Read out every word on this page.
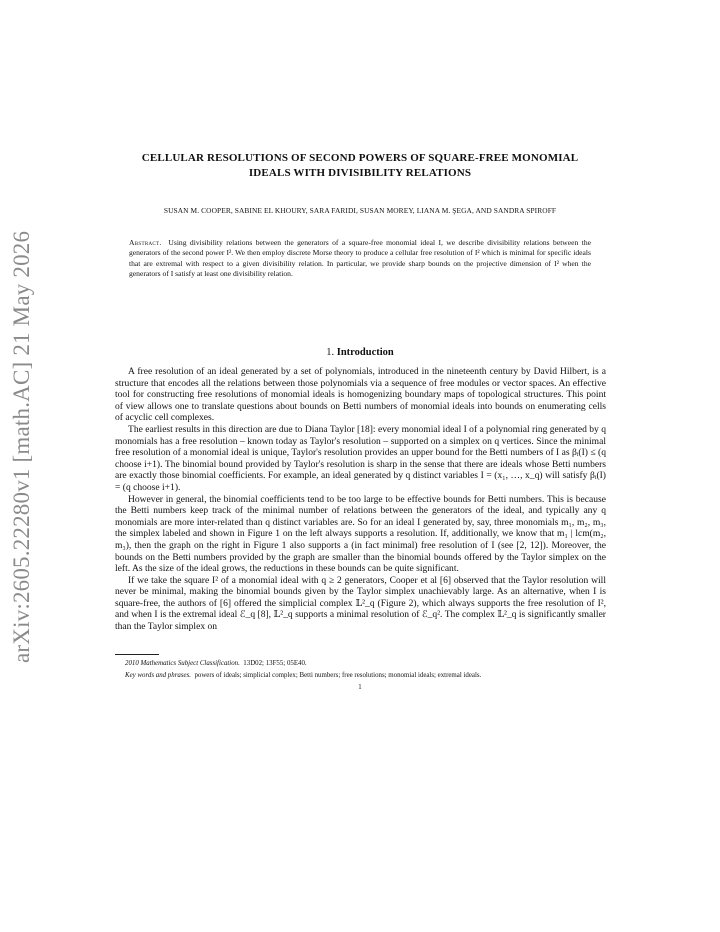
arXiv:2605.22280v1 [math.AC] 21 May 2026
CELLULAR RESOLUTIONS OF SECOND POWERS OF SQUARE-FREE MONOMIAL
IDEALS WITH DIVISIBILITY RELATIONS
SUSAN M. COOPER, SABINE EL KHOURY, SARA FARIDI, SUSAN MOREY, LIANA M. ŞEGA, AND SANDRA SPIROFF
Abstract. Using divisibility relations between the generators of a square-free monomial ideal I, we describe divisibility relations between the generators of the second power I². We then employ discrete Morse theory to produce a cellular free resolution of I² which is minimal for specific ideals that are extremal with respect to a given divisibility relation. In particular, we provide sharp bounds on the projective dimension of I² when the generators of I satisfy at least one divisibility relation.
1. Introduction

A free resolution of an ideal generated by a set of polynomials, introduced in the nineteenth century by David Hilbert, is a structure that encodes all the relations between those polynomials via a sequence of free modules or vector spaces. An effective tool for constructing free resolutions of monomial ideals is homogenizing boundary maps of topological structures. This point of view allows one to translate questions about bounds on Betti numbers of monomial ideals into bounds on enumerating cells of acyclic cell complexes.

The earliest results in this direction are due to Diana Taylor [18]: every monomial ideal I of a polynomial ring generated by q monomials has a free resolution – known today as Taylor's resolution – supported on a simplex on q vertices. Since the minimal free resolution of a monomial ideal is unique, Taylor's resolution provides an upper bound for the Betti numbers of I as βᵢ(I) ≤ (q choose i+1). The binomial bound provided by Taylor's resolution is sharp in the sense that there are ideals whose Betti numbers are exactly those binomial coefficients. For example, an ideal generated by q distinct variables I = (x₁, …, x_q) will satisfy βᵢ(I) = (q choose i+1).

However in general, the binomial coefficients tend to be too large to be effective bounds for Betti numbers. This is because the Betti numbers keep track of the minimal number of relations between the generators of the ideal, and typically any q monomials are more inter-related than q distinct variables are. So for an ideal I generated by, say, three monomials m₁, m₂, m₃, the simplex labeled and shown in Figure 1 on the left always supports a resolution. If, additionally, we know that m₁ | lcm(m₂, m₃), then the graph on the right in Figure 1 also supports a (in fact minimal) free resolution of I (see [2, 12]). Moreover, the bounds on the Betti numbers provided by the graph are smaller than the binomial bounds offered by the Taylor simplex on the left. As the size of the ideal grows, the reductions in these bounds can be quite significant.

If we take the square I² of a monomial ideal with q ≥ 2 generators, Cooper et al [6] observed that the Taylor resolution will never be minimal, making the binomial bounds given by the Taylor simplex unachievably large. As an alternative, when I is square-free, the authors of [6] offered the simplicial complex 𝕃²_q (Figure 2), which always supports the free resolution of I², and when I is the extremal ideal ℰ_q [8], 𝕃²_q supports a minimal resolution of ℰ_q². The complex 𝕃²_q is significantly smaller than the Taylor simplex on

2010 Mathematics Subject Classification. 13D02; 13F55; 05E40.

Key words and phrases. powers of ideals; simplicial complex; Betti numbers; free resolutions; monomial ideals; extremal ideals.

1
